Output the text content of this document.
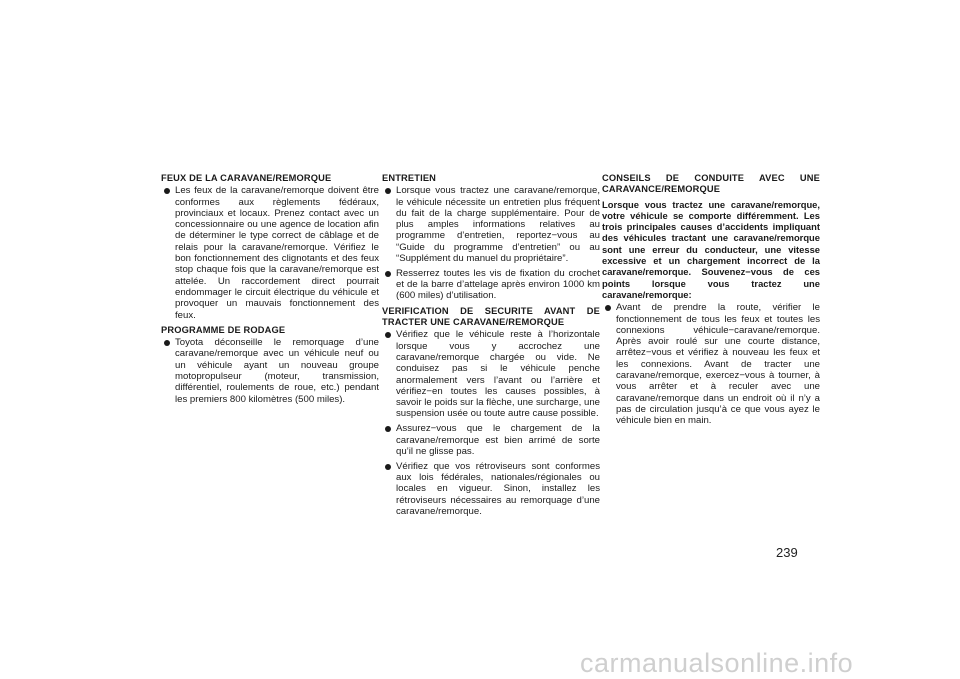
FEUX DE LA CARAVANE/REMORQUE
Les feux de la caravane/remorque doivent être conformes aux règlements fédéraux, provinciaux et locaux. Prenez contact avec un concessionnaire ou une agence de location afin de déterminer le type correct de câblage et de relais pour la caravane/remorque. Vérifiez le bon fonctionnement des clignotants et des feux stop chaque fois que la caravane/remorque est attelée. Un raccordement direct pourrait endommager le circuit électrique du véhicule et provoquer un mauvais fonctionnement des feux.
PROGRAMME DE RODAGE
Toyota déconseille le remorquage d’une caravane/remorque avec un véhicule neuf ou un véhicule ayant un nouveau groupe motopropulseur (moteur, transmission, différentiel, roulements de roue, etc.) pendant les premiers 800 kilomètres (500 miles).
ENTRETIEN
Lorsque vous tractez une caravane/remorque, le véhicule nécessite un entretien plus fréquent du fait de la charge supplémentaire. Pour de plus amples informations relatives au programme d’entretien, reportez−vous au “Guide du programme d’entretien” ou au “Supplément du manuel du propriétaire”.
Resserrez toutes les vis de fixation du crochet et de la barre d’attelage après environ 1000 km (600 miles) d’utilisation.
VERIFICATION DE SECURITE AVANT DE TRACTER UNE CARAVANE/REMORQUE
Vérifiez que le véhicule reste à l’horizontale lorsque vous y accrochez une caravane/remorque chargée ou vide. Ne conduisez pas si le véhicule penche anormalement vers l’avant ou l’arrière et vérifiez−en toutes les causes possibles, à savoir le poids sur la flèche, une surcharge, une suspension usée ou toute autre cause possible.
Assurez−vous que le chargement de la caravane/remorque est bien arrimé de sorte qu’il ne glisse pas.
Vérifiez que vos rétroviseurs sont conformes aux lois fédérales, nationales/régionales ou locales en vigueur. Sinon, installez les rétroviseurs nécessaires au remorquage d’une caravane/remorque.
CONSEILS DE CONDUITE AVEC UNE CARAVANCE/REMORQUE
Lorsque vous tractez une caravane/remorque, votre véhicule se comporte différemment. Les trois principales causes d’accidents impliquant des véhicules tractant une caravane/remorque sont une erreur du conducteur, une vitesse excessive et un chargement incorrect de la caravane/remorque. Souvenez−vous de ces points lorsque vous tractez une caravane/remorque:
Avant de prendre la route, vérifier le fonctionnement de tous les feux et toutes les connexions véhicule−caravane/remorque. Après avoir roulé sur une courte distance, arrêtez−vous et vérifiez à nouveau les feux et les connexions. Avant de tracter une caravane/remorque, exercez−vous à tourner, à vous arrêter et à reculer avec une caravane/remorque dans un endroit où il n’y a pas de circulation jusqu’à ce que vous ayez le véhicule bien en main.
239
carmanualsonline.info
